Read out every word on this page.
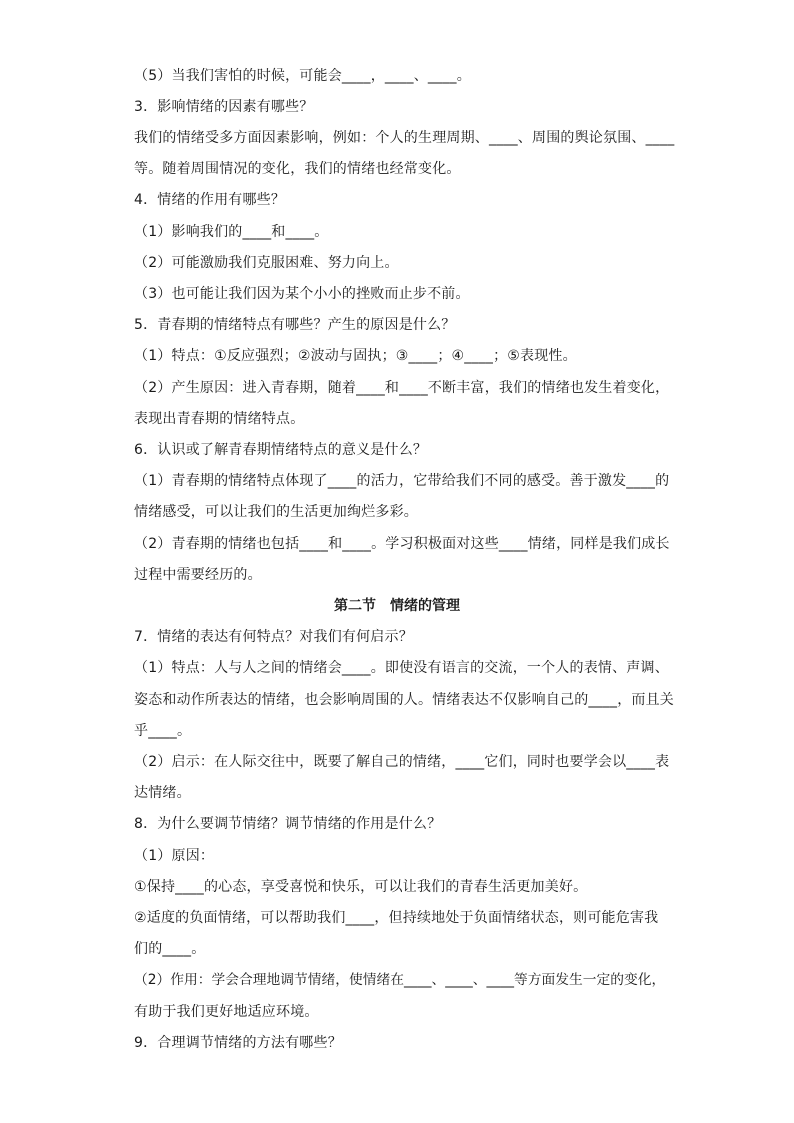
（5）当我们害怕的时候，可能会____，____、____。
3．影响情绪的因素有哪些？
我们的情绪受多方面因素影响，例如：个人的生理周期、____、周围的舆论氛围、____
等。随着周围情况的变化，我们的情绪也经常变化。
4．情绪的作用有哪些？
（1）影响我们的____和____。
（2）可能激励我们克服困难、努力向上。
（3）也可能让我们因为某个小小的挫败而止步不前。
5．青春期的情绪特点有哪些？产生的原因是什么？
（1）特点：①反应强烈；②波动与固执；③____；④____；⑤表现性。
（2）产生原因：进入青春期，随着____和____不断丰富，我们的情绪也发生着变化，
表现出青春期的情绪特点。
6．认识或了解青春期情绪特点的意义是什么？
（1）青春期的情绪特点体现了____的活力，它带给我们不同的感受。善于激发____的
情绪感受，可以让我们的生活更加绚烂多彩。
（2）青春期的情绪也包括____和____。学习积极面对这些____情绪，同样是我们成长
过程中需要经历的。
第二节　情绪的管理
7．情绪的表达有何特点？对我们有何启示？
（1）特点：人与人之间的情绪会____。即使没有语言的交流，一个人的表情、声调、
姿态和动作所表达的情绪，也会影响周围的人。情绪表达不仅影响自己的____，而且关
乎____。
（2）启示：在人际交往中，既要了解自己的情绪，____它们，同时也要学会以____表
达情绪。
8．为什么要调节情绪？调节情绪的作用是什么？
（1）原因：
①保持____的心态，享受喜悦和快乐，可以让我们的青春生活更加美好。
②适度的负面情绪，可以帮助我们____，但持续地处于负面情绪状态，则可能危害我
们的____。
（2）作用：学会合理地调节情绪，使情绪在____、____、____等方面发生一定的变化，
有助于我们更好地适应环境。
9．合理调节情绪的方法有哪些？
